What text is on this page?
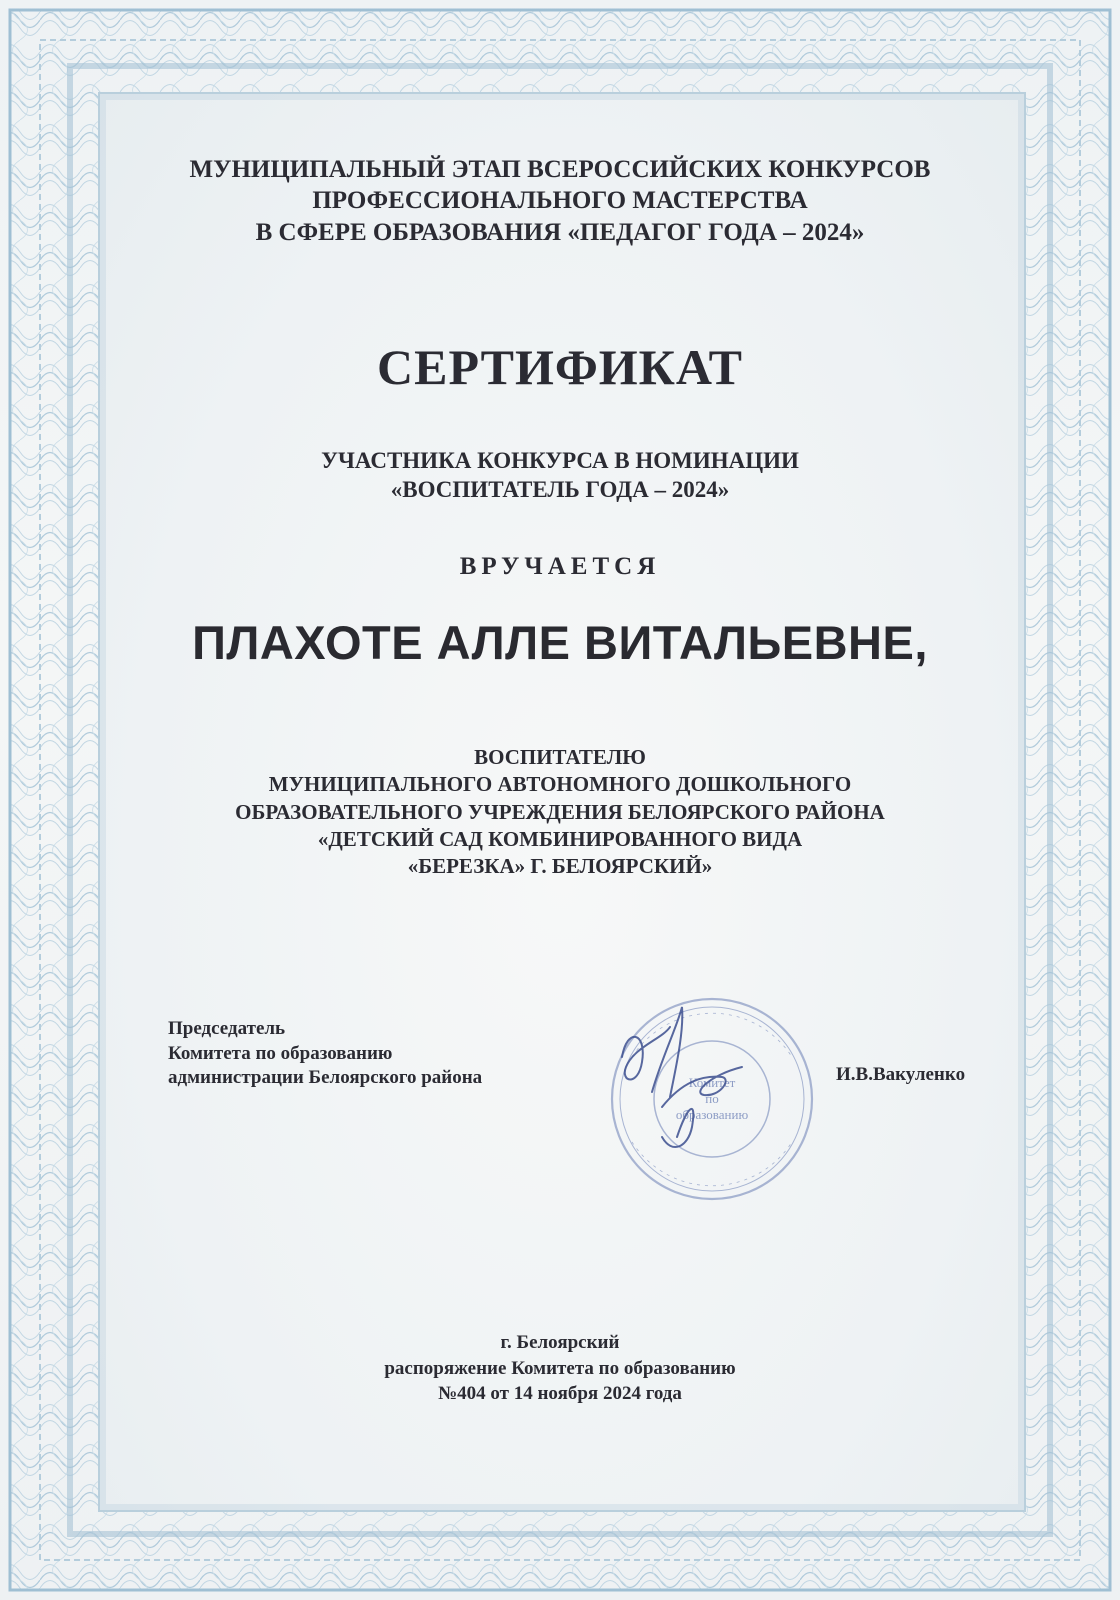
МУНИЦИПАЛЬНЫЙ ЭТАП ВСЕРОССИЙСКИХ КОНКУРСОВ
ПРОФЕССИОНАЛЬНОГО МАСТЕРСТВА
В СФЕРЕ ОБРАЗОВАНИЯ «ПЕДАГОГ ГОДА – 2024»
СЕРТИФИКАТ
УЧАСТНИКА КОНКУРСА В НОМИНАЦИИ
«ВОСПИТАТЕЛЬ ГОДА – 2024»
ВРУЧАЕТСЯ
ПЛАХОТЕ АЛЛЕ ВИТАЛЬЕВНЕ,
ВОСПИТАТЕЛЮ
МУНИЦИПАЛЬНОГО АВТОНОМНОГО ДОШКОЛЬНОГО
ОБРАЗОВАТЕЛЬНОГО УЧРЕЖДЕНИЯ БЕЛОЯРСКОГО РАЙОНА
«ДЕТСКИЙ САД КОМБИНИРОВАННОГО ВИДА
«БЕРЕЗКА» Г. БЕЛОЯРСКИЙ»
Председатель
Комитета по образованию
администрации Белоярского района	Комитет
по
образованию
И.В.Вакуленко
г. Белоярский
распоряжение Комитета по образованию
№404 от 14 ноября 2024 года
